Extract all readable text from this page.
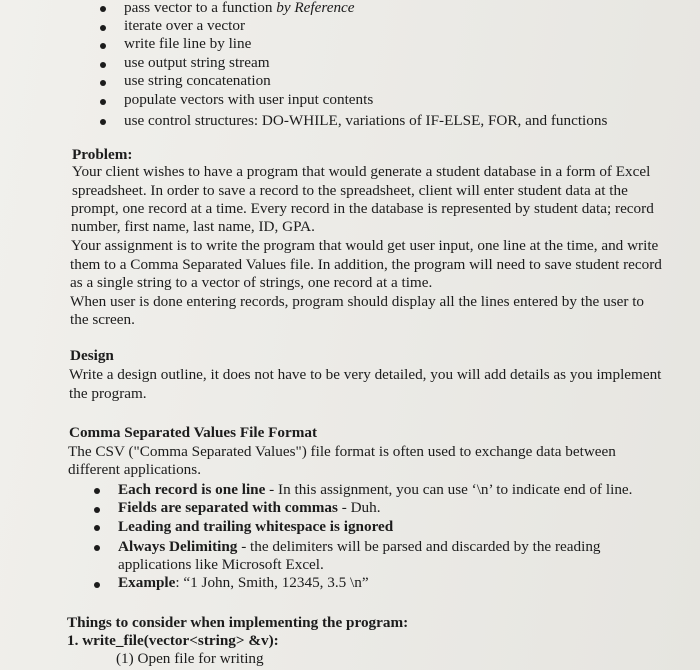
pass vector to a function by Reference
iterate over a vector
write file line by line
use output string stream
use string concatenation
populate vectors with user input contents
use control structures: DO-WHILE, variations of IF-ELSE, FOR, and functions
Problem:
Your client wishes to have a program that would generate a student database in a form of Excel
spreadsheet. In order to save a record to the spreadsheet, client will enter student data at the
prompt, one record at a time. Every record in the database is represented by student data; record
number, first name, last name, ID, GPA.
Your assignment is to write the program that would get user input, one line at the time, and write
them to a Comma Separated Values file. In addition, the program will need to save student record
as a single string to a vector of strings, one record at a time.
When user is done entering records, program should display all the lines entered by the user to
the screen.
Design
Write a design outline, it does not have to be very detailed, you will add details as you implement
the program.
Comma Separated Values File Format
The CSV ("Comma Separated Values") file format is often used to exchange data between
different applications.
Each record is one line - In this assignment, you can use ‘\n’ to indicate end of line.
Fields are separated with commas - Duh.
Leading and trailing whitespace is ignored
Always Delimiting - the delimiters will be parsed and discarded by the reading
applications like Microsoft Excel.
Example: “1 John, Smith, 12345, 3.5 \n”
Things to consider when implementing the program:
1. write_file(vector<string> &v):
(1) Open file for writing
